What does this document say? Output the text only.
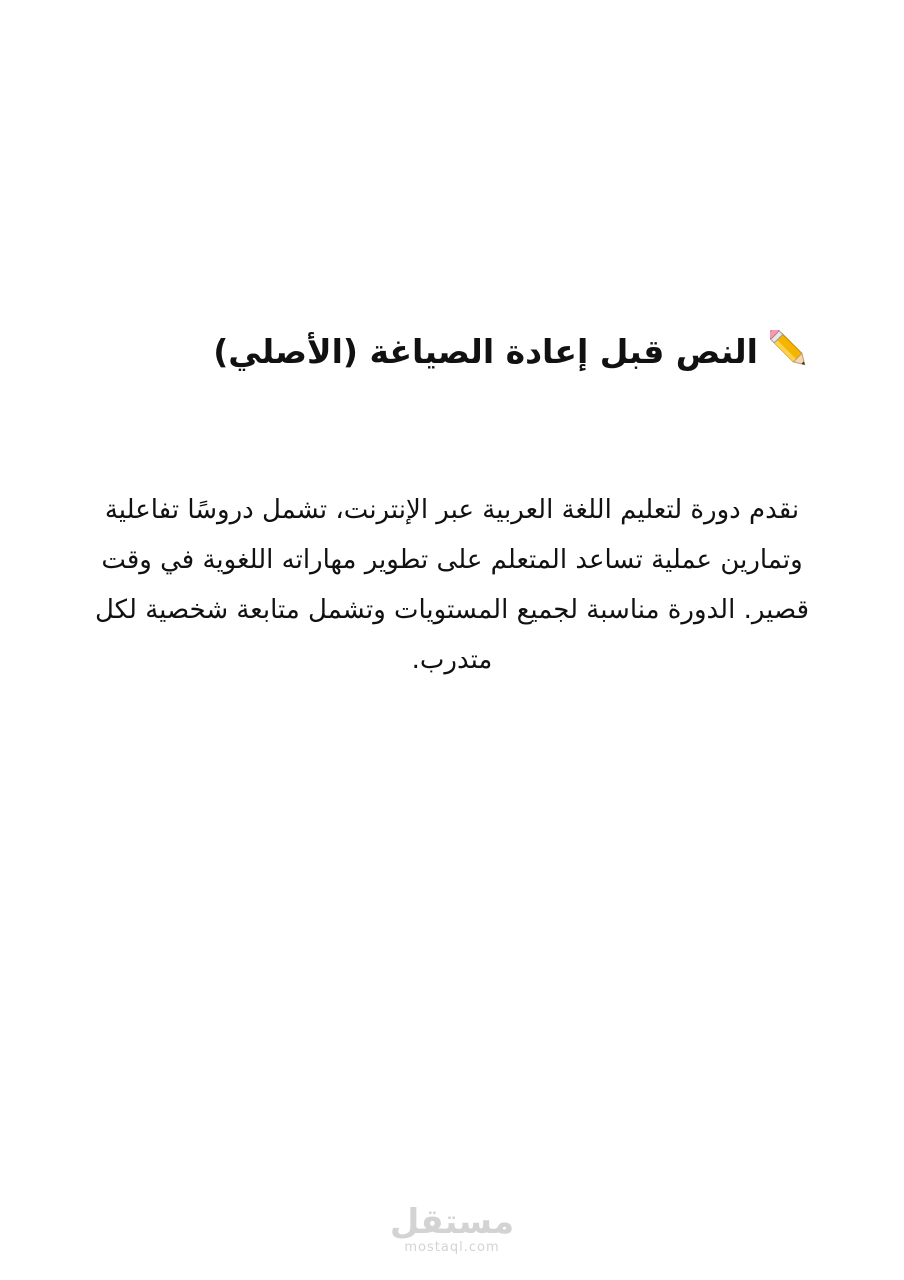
النص قبل إعادة الصياغة (الأصلي)
نقدم دورة لتعليم اللغة العربية عبر الإنترنت، تشمل دروسًا تفاعلية
وتمارين عملية تساعد المتعلم على تطوير مهاراته اللغوية في وقت
قصير. الدورة مناسبة لجميع المستويات وتشمل متابعة شخصية لكل
متدرب.
مستقل
mostaql.com
